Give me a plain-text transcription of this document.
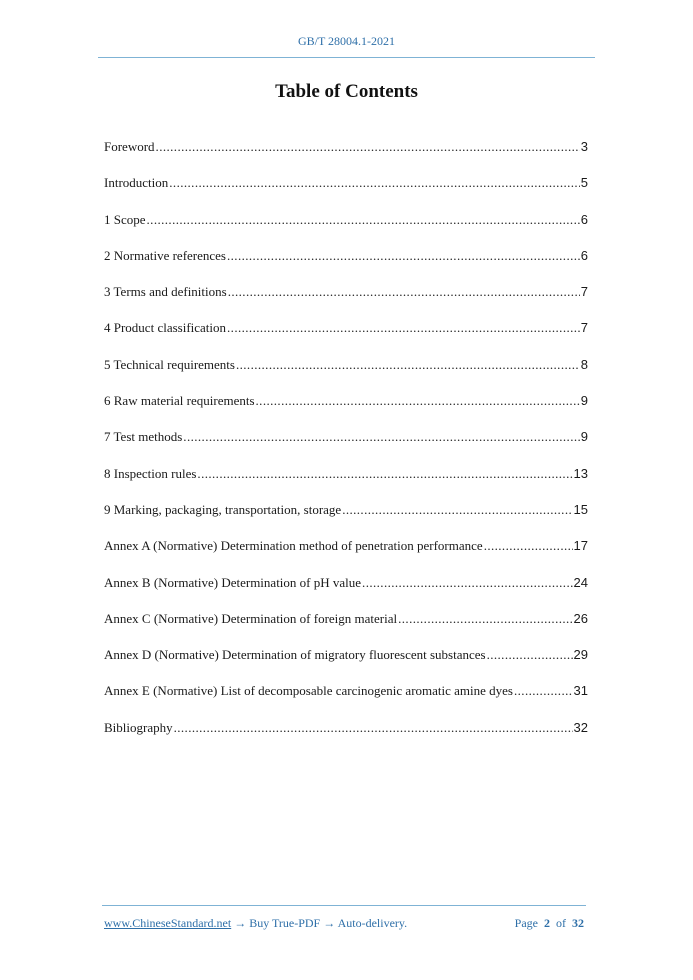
GB/T 28004.1-2021
Table of Contents
Foreword .....	3
Introduction .....	5
1 Scope .....	6
2 Normative references .....	6
3 Terms and definitions .....	7
4 Product classification .....	7
5 Technical requirements .....	8
6 Raw material requirements .....	9
7 Test methods .....	9
8 Inspection rules .....	13
9 Marking, packaging, transportation, storage .....	15
Annex A (Normative) Determination method of penetration performance .....	17
Annex B (Normative) Determination of pH value .....	24
Annex C (Normative) Determination of foreign material .....	26
Annex D (Normative) Determination of migratory fluorescent substances .....	29
Annex E (Normative) List of decomposable carcinogenic aromatic amine dyes .....	31
Bibliography .....	32
www.ChineseStandard.net → Buy True-PDF → Auto-delivery.	Page 2 of 32
